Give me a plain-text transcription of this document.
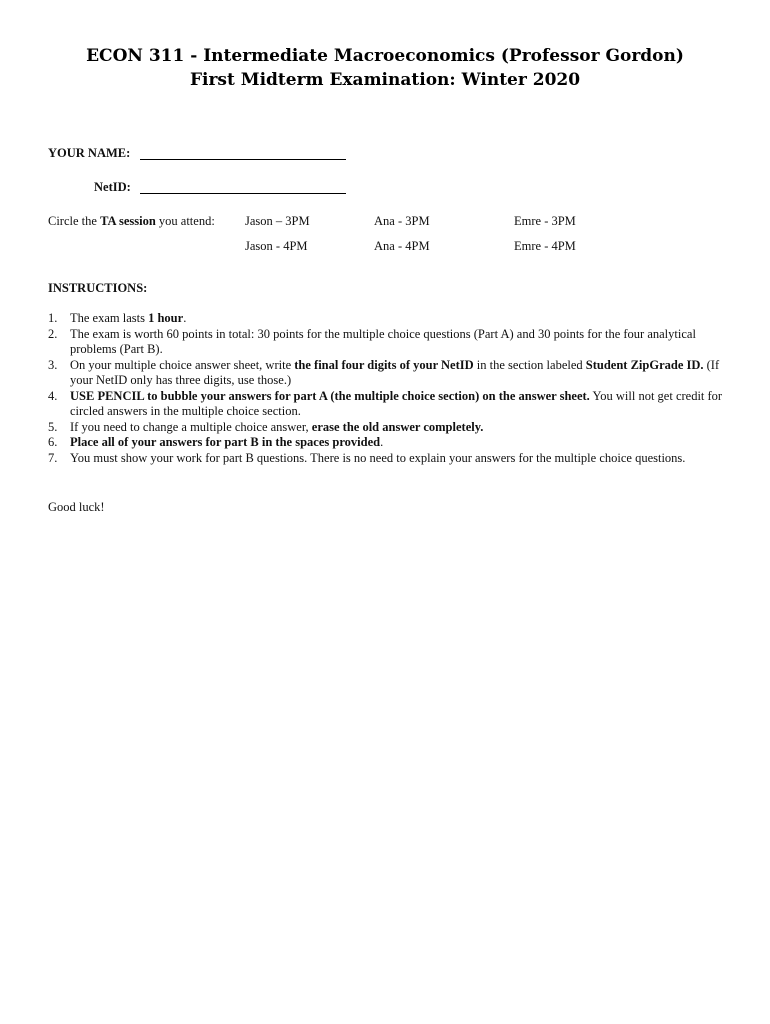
ECON 311 - Intermediate Macroeconomics (Professor Gordon)
First Midterm Examination: Winter 2020
YOUR NAME:
NetID:
Circle the TA session you attend: Jason – 3PM	Ana - 3PM	Emre - 3PM
Jason - 4PM	Ana - 4PM	Emre - 4PM
INSTRUCTIONS:
1. The exam lasts 1 hour.
2. The exam is worth 60 points in total: 30 points for the multiple choice questions (Part A) and 30 points for the four analytical problems (Part B).
3. On your multiple choice answer sheet, write the final four digits of your NetID in the section labeled Student ZipGrade ID. (If your NetID only has three digits, use those.)
4. USE PENCIL to bubble your answers for part A (the multiple choice section) on the answer sheet. You will not get credit for circled answers in the multiple choice section.
5. If you need to change a multiple choice answer, erase the old answer completely.
6. Place all of your answers for part B in the spaces provided.
7. You must show your work for part B questions. There is no need to explain your answers for the multiple choice questions.
Good luck!
